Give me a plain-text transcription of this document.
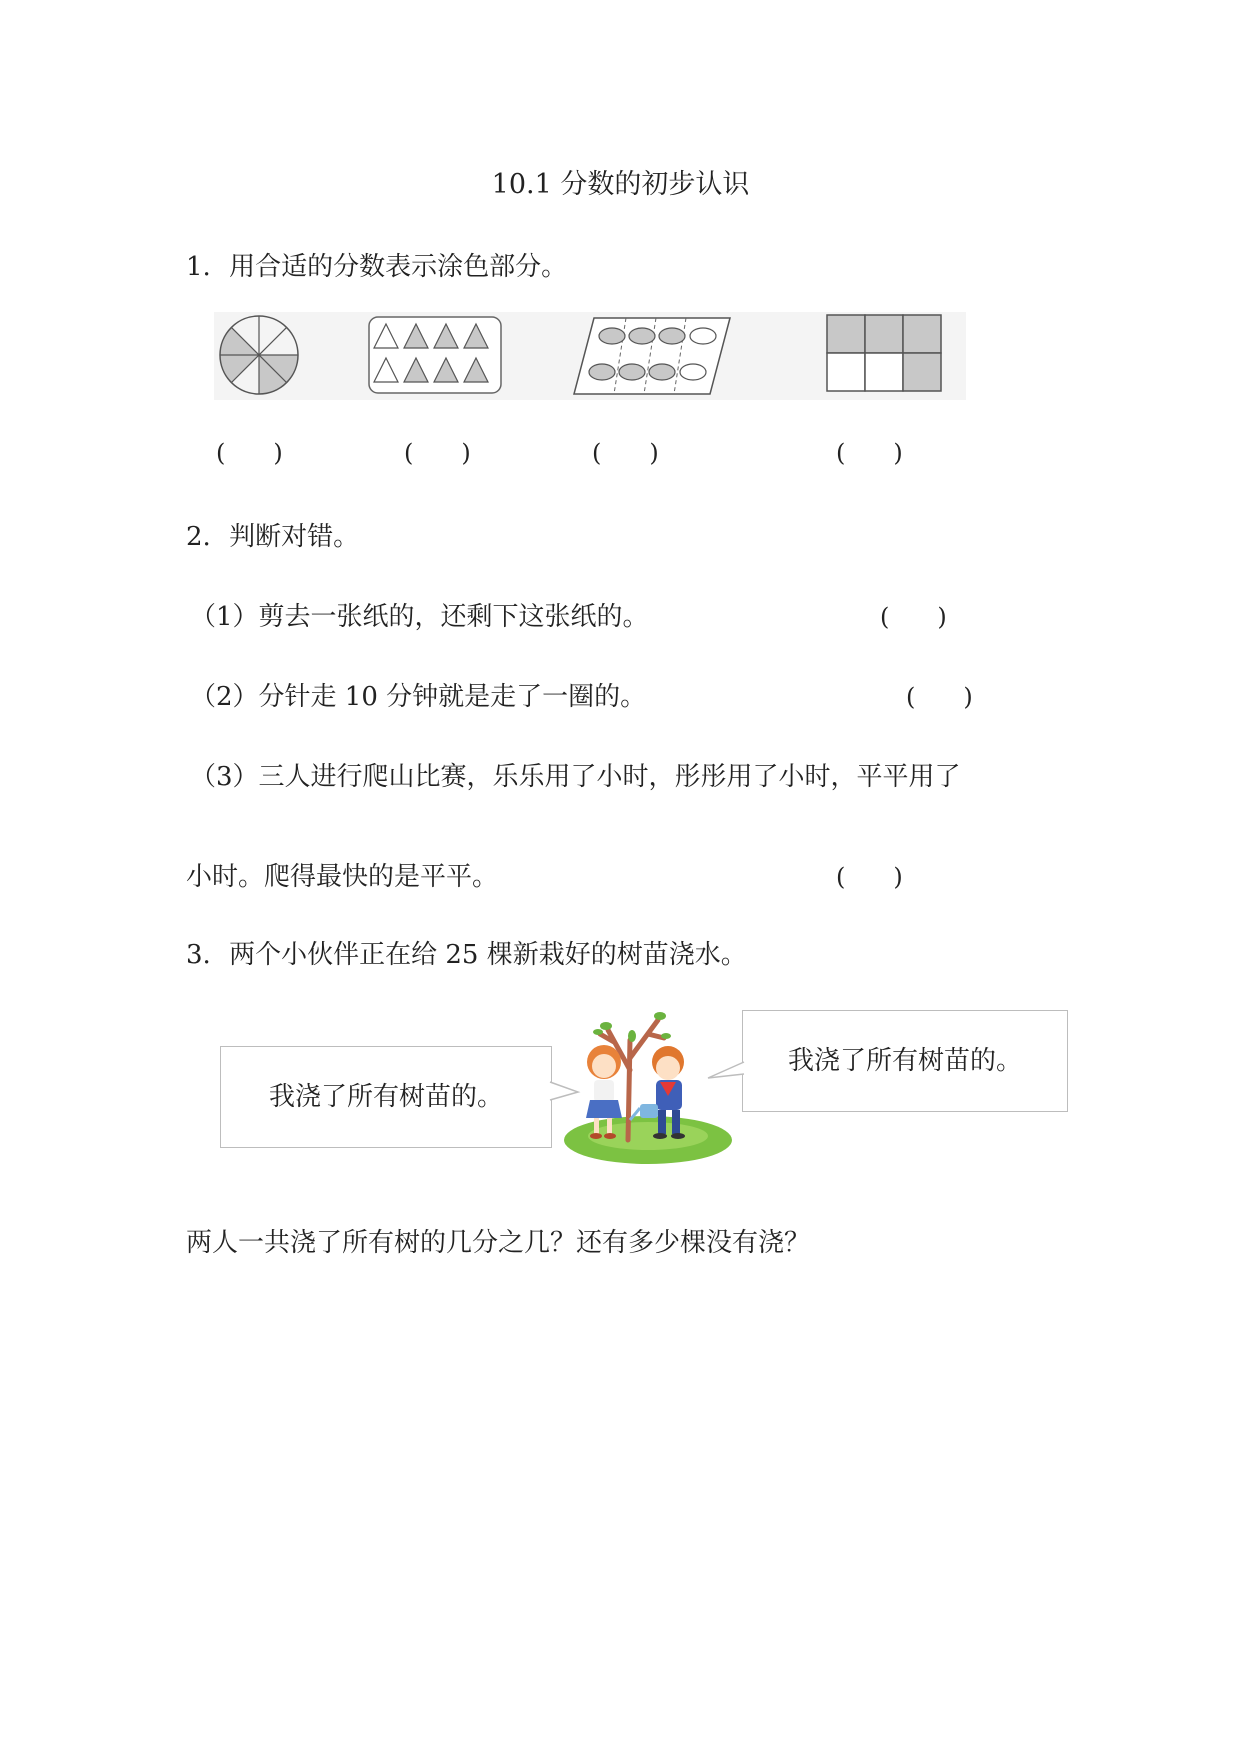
10.1 分数的初步认识
1. 用合适的分数表示涂色部分。
(　　)	(　　)	(　　)	(　　)
2. 判断对错。
（1）剪去一张纸的，还剩下这张纸的。	(　　)
（2）分针走 10 分钟就是走了一圈的。	(　　)
（3）三人进行爬山比赛，乐乐用了小时，彤彤用了小时，平平用了
小时。爬得最快的是平平。	(　　)
3. 两个小伙伴正在给 25 棵新栽好的树苗浇水。
我浇了所有树苗的。
我浇了所有树苗的。
两人一共浇了所有树的几分之几？还有多少棵没有浇？
